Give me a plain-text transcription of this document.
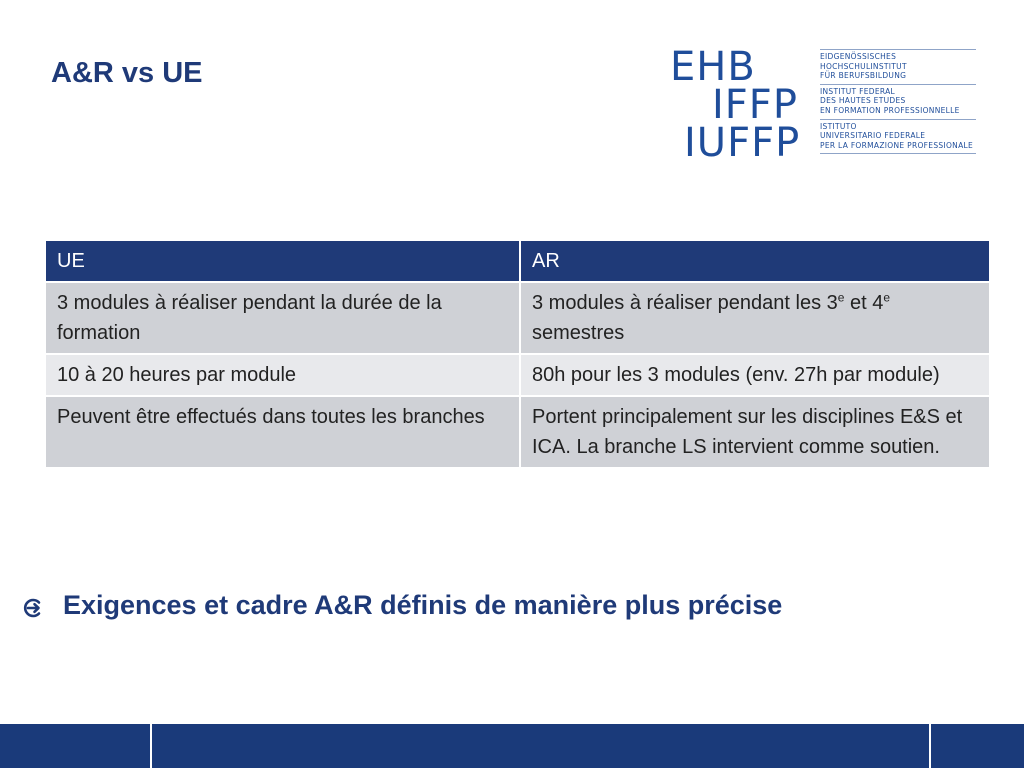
A&R vs UE	EHB
IFFP
IUFFP
EIDGENÖSSISCHES
HOCHSCHULINSTITUT
FÜR BERUFSBILDUNG
INSTITUT FEDERAL
DES HAUTES ETUDES
EN FORMATION PROFESSIONNELLE
ISTITUTO
UNIVERSITARIO FEDERALE
PER LA FORMAZIONE PROFESSIONALE
UE	AR
3 modules à réaliser pendant la durée de la formation	3 modules à réaliser pendant les 3e et 4e semestres
10 à 20 heures par module	80h pour les 3 modules (env. 27h par module)
Peuvent être effectués dans toutes les branches	Portent principalement sur les disciplines E&S et ICA. La branche LS intervient comme soutien.
Exigences et cadre A&R définis de manière plus précise
